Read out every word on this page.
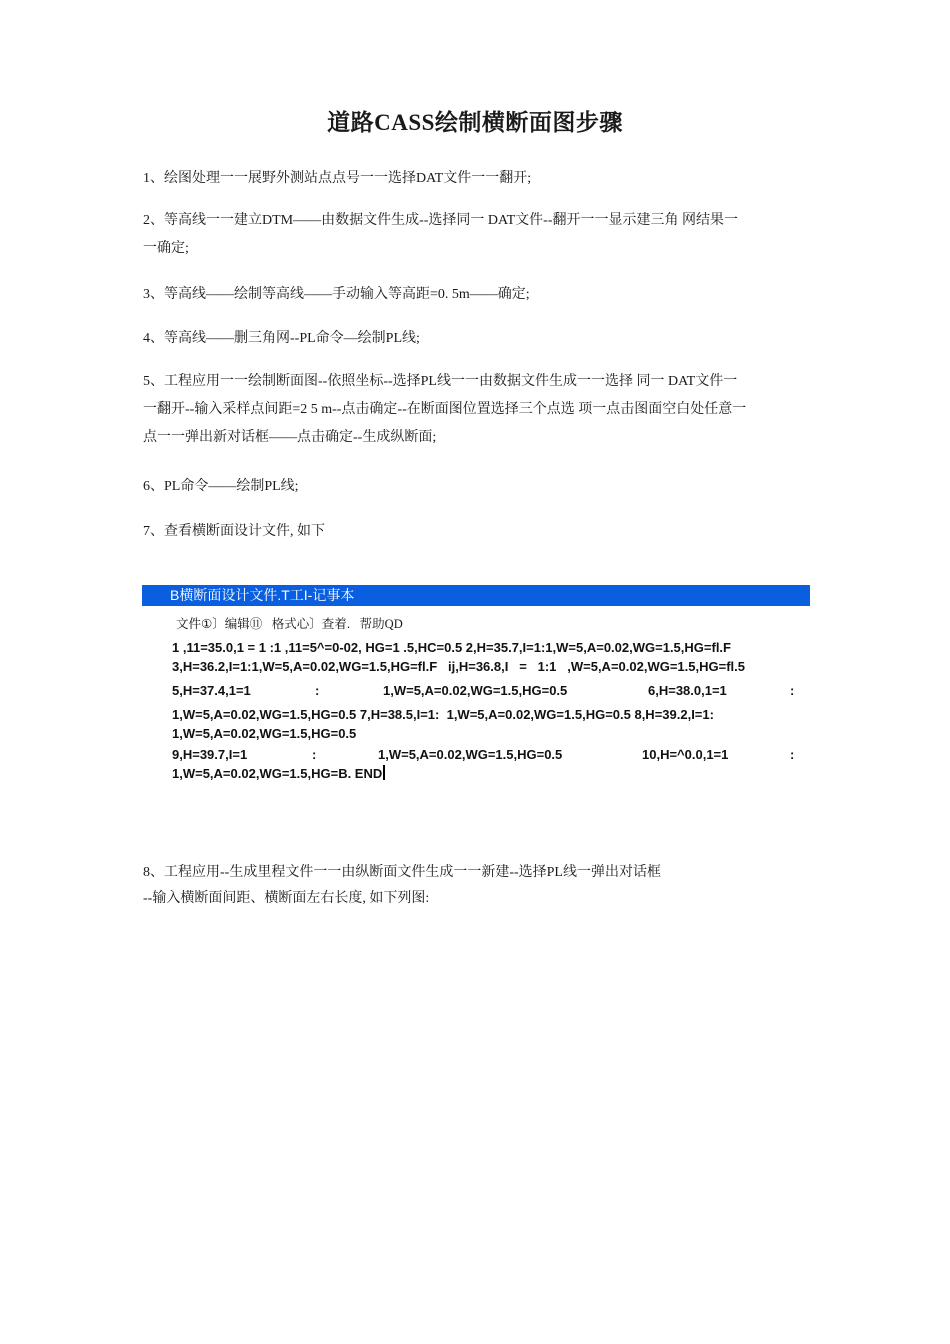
道路CASS绘制横断面图步骤
1、绘图处理一一展野外测站点点号一一选择DAT文件一一翻开;
2、等高线一一建立DTM——由数据文件生成--选择同一 DAT文件--翻开一一显示建三角 网结果一
一确定;
3、等高线——绘制等高线——手动输入等高距=0. 5m——确定;
4、等高线——删三角网--PL命令—绘制PL线;
5、工程应用一一绘制断面图--依照坐标--选择PL线一一由数据文件生成一一选择 同一 DAT文件一
一翻开--输入采样点间距=2 5 m--点击确定--在断面图位置选择三个点选 项一点击图面空白处任意一
点一一弹出新对话框——点击确定--生成纵断面;
6、PL命令——绘制PL线;
7、查看横断面设计文件, 如下
B横断面设计文件.T工I-记事本
文件①〕编辑⑪ 格式心〕查着. 帮助QD
1 ,11=35.0,1 = 1 :1 ,11=5^=0-02, HG=1 .5,HC=0.5 2,H=35.7,I=1:1,W=5,A=0.02,WG=1.5,HG=fl.F
3,H=36.2,I=1:1,W=5,A=0.02,WG=1.5,HG=fl.F   ij,H=36.8,I   =   1:1   ,W=5,A=0.02,WG=1.5,HG=fl.5
5,H=37.4,1=1	:	1,W=5,A=0.02,WG=1.5,HG=0.5	6,H=38.0,1=1	:
1,W=5,A=0.02,WG=1.5,HG=0.5 7,H=38.5,I=1:  1,W=5,A=0.02,WG=1.5,HG=0.5 8,H=39.2,I=1:
1,W=5,A=0.02,WG=1.5,HG=0.5
9,H=39.7,I=1	:	1,W=5,A=0.02,WG=1.5,HG=0.5	10,H=^0.0,1=1	:
1,W=5,A=0.02,WG=1.5,HG=B. END
8、工程应用--生成里程文件一一由纵断面文件生成一一新建--选择PL线一弹出对话框
--输入横断面间距、横断面左右长度, 如下列图:
